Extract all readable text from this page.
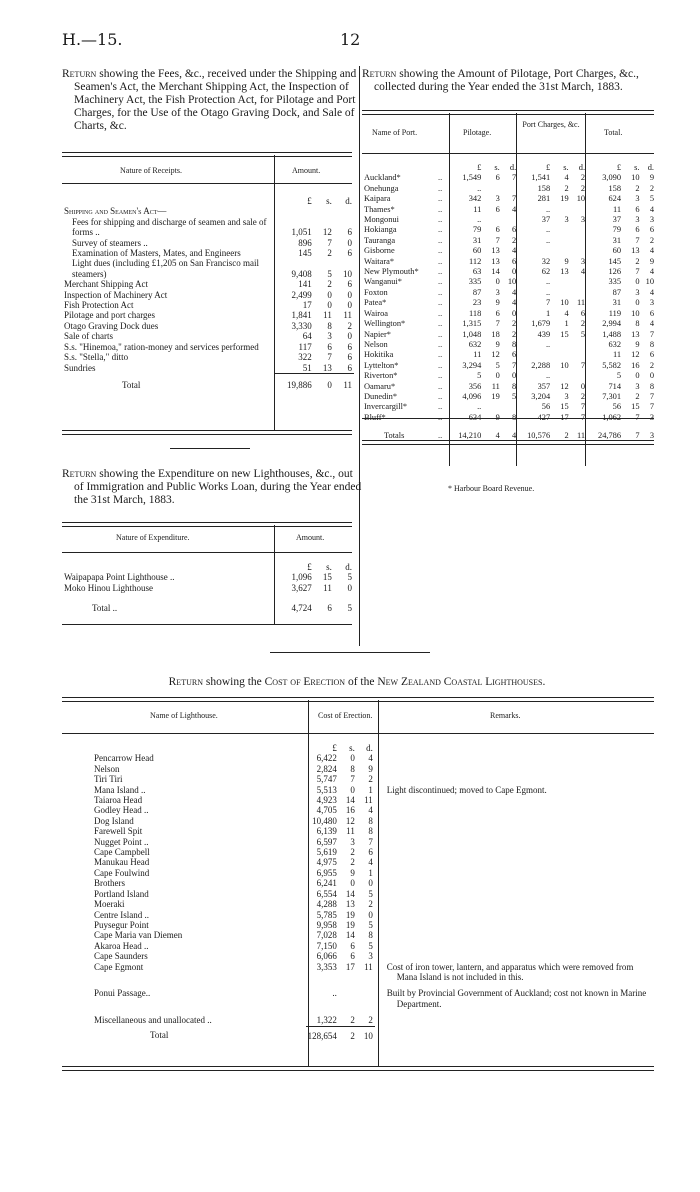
H.—15.	12
Return showing the Fees, &c., received under the Shipping and Seamen's Act, the Merchant Shipping Act, the Inspection of Machinery Act, the Fish Protection Act, for Pilotage and Port Charges, for the Use of the Otago Graving Dock, and Sale of Charts, &c.
Nature of Receipts.	Amount.
	£	s.	d.
Shipping and Seamen's Act—			
Fees for shipping and discharge of seamen and sale of forms ..	1,051	12	6
Survey of steamers ..	896	7	0
Examination of Masters, Mates, and Engineers	145	2	6
Light dues (including £1,205 on San Francisco mail steamers)	9,408	5	10
Merchant Shipping Act	141	2	6
Inspection of Machinery Act	2,499	0	0
Fish Protection Act	17	0	0
Pilotage and port charges	1,841	11	11
Otago Graving Dock dues	3,330	8	2
Sale of charts	64	3	0
S.s. "Hinemoa," ration-money and services performed	117	6	6
S.s. "Stella," ditto	322	7	6
Sundries	51	13	6
Total	19,886	0	11
Return showing the Expenditure on new Lighthouses, &c., out of Immigration and Public Works Loan, during the Year ended the 31st March, 1883.
Nature of Expenditure.	Amount.
	£	s.	d.
Waipapapa Point Lighthouse ..	1,096	15	5
Moko Hinou Lighthouse	3,627	11	0
Total ..	4,724	6	5
Return showing the Amount of Pilotage, Port Charges, &c., collected during the Year ended the 31st March, 1883.
Name of Port.	Pilotage.
Port Charges, &c.
Total.
		£	s.	d.	£	s.	d.	£	s.	d.
Auckland*	..	1,549	6	7	1,541	4	2	3,090	10	9
Onehunga	..	..			158	2	2	158	2	2
Kaipara	..	342	3	7	281	19	10	624	3	5
Thames*	..	11	6	4	..			11	6	4
Mongonui	..	..			37	3	3	37	3	3
Hokianga	..	79	6	6	..			79	6	6
Tauranga	..	31	7	2	..			31	7	2
Gisborne	..	60	13	4				60	13	4
Waitara*	..	112	13	6	32	9	3	145	2	9
New Plymouth*	..	63	14	0	62	13	4	126	7	4
Wanganui*	..	335	0	10	..			335	0	10
Foxton	..	87	3	4	..			87	3	4
Patea*	..	23	9	4	7	10	11	31	0	3
Wairoa	..	118	6	0	1	4	6	119	10	6
Wellington*	..	1,315	7	2	1,679	1	2	2,994	8	4
Napier*	..	1,048	18	2	439	15	5	1,488	13	7
Nelson	..	632	9	8	..			632	9	8
Hokitika	..	11	12	6				11	12	6
Lyttelton*	..	3,294	5	7	2,288	10	7	5,582	16	2
Riverton*	..	5	0	0	..			5	0	0
Oamaru*	..	356	11	8	357	12	0	714	3	8
Dunedin*	..	4,096	19	5	3,204	3	2	7,301	2	7
Invercargill*	..	..			56	15	7	56	15	7

Totals	..	14,210	4	4	10,576	2	11	24,786	7	3
* Harbour Board Revenue.
Return showing the Cost of Erection of the New Zealand Coastal Lighthouses.
Name of Lighthouse.	Cost of Erection.	Remarks.
	£	s.	d.		
Pencarrow Head	6,422	0	4		
Nelson	2,824	8	9		
Tiri Tiri	5,747	7	2		
Mana Island ..	5,513	0	1		Light discontinued; moved to Cape Egmont.
Taiaroa Head	4,923	14	11		
Godley Head ..	4,705	16	4		
Dog Island	10,480	12	8		
Farewell Spit	6,139	11	8		
Nugget Point ..	6,597	3	7		
Cape Campbell	5,619	2	6		
Manukau Head	4,975	2	4		
Cape Foulwind	6,955	9	1		
Brothers	6,241	0	0		
Portland Island	6,554	14	5		
Moeraki	4,288	13	2		
Centre Island ..	5,785	19	0		
Puysegur Point	9,958	19	5		
Cape Maria van Diemen	7,028	14	8		
Akaroa Head ..	7,150	6	5		
Cape Saunders	6,066	6	3		
Cape Egmont	3,353	17	11		Cost of iron tower, lantern, and apparatus which were removed from Mana Island is not included in this.
Ponui Passage..	..				Built by Provincial Government of Auckland; cost not known in Marine Department.
Miscellaneous and unallocated ..	1,322	2	2		
Total	128,654	2	10		
